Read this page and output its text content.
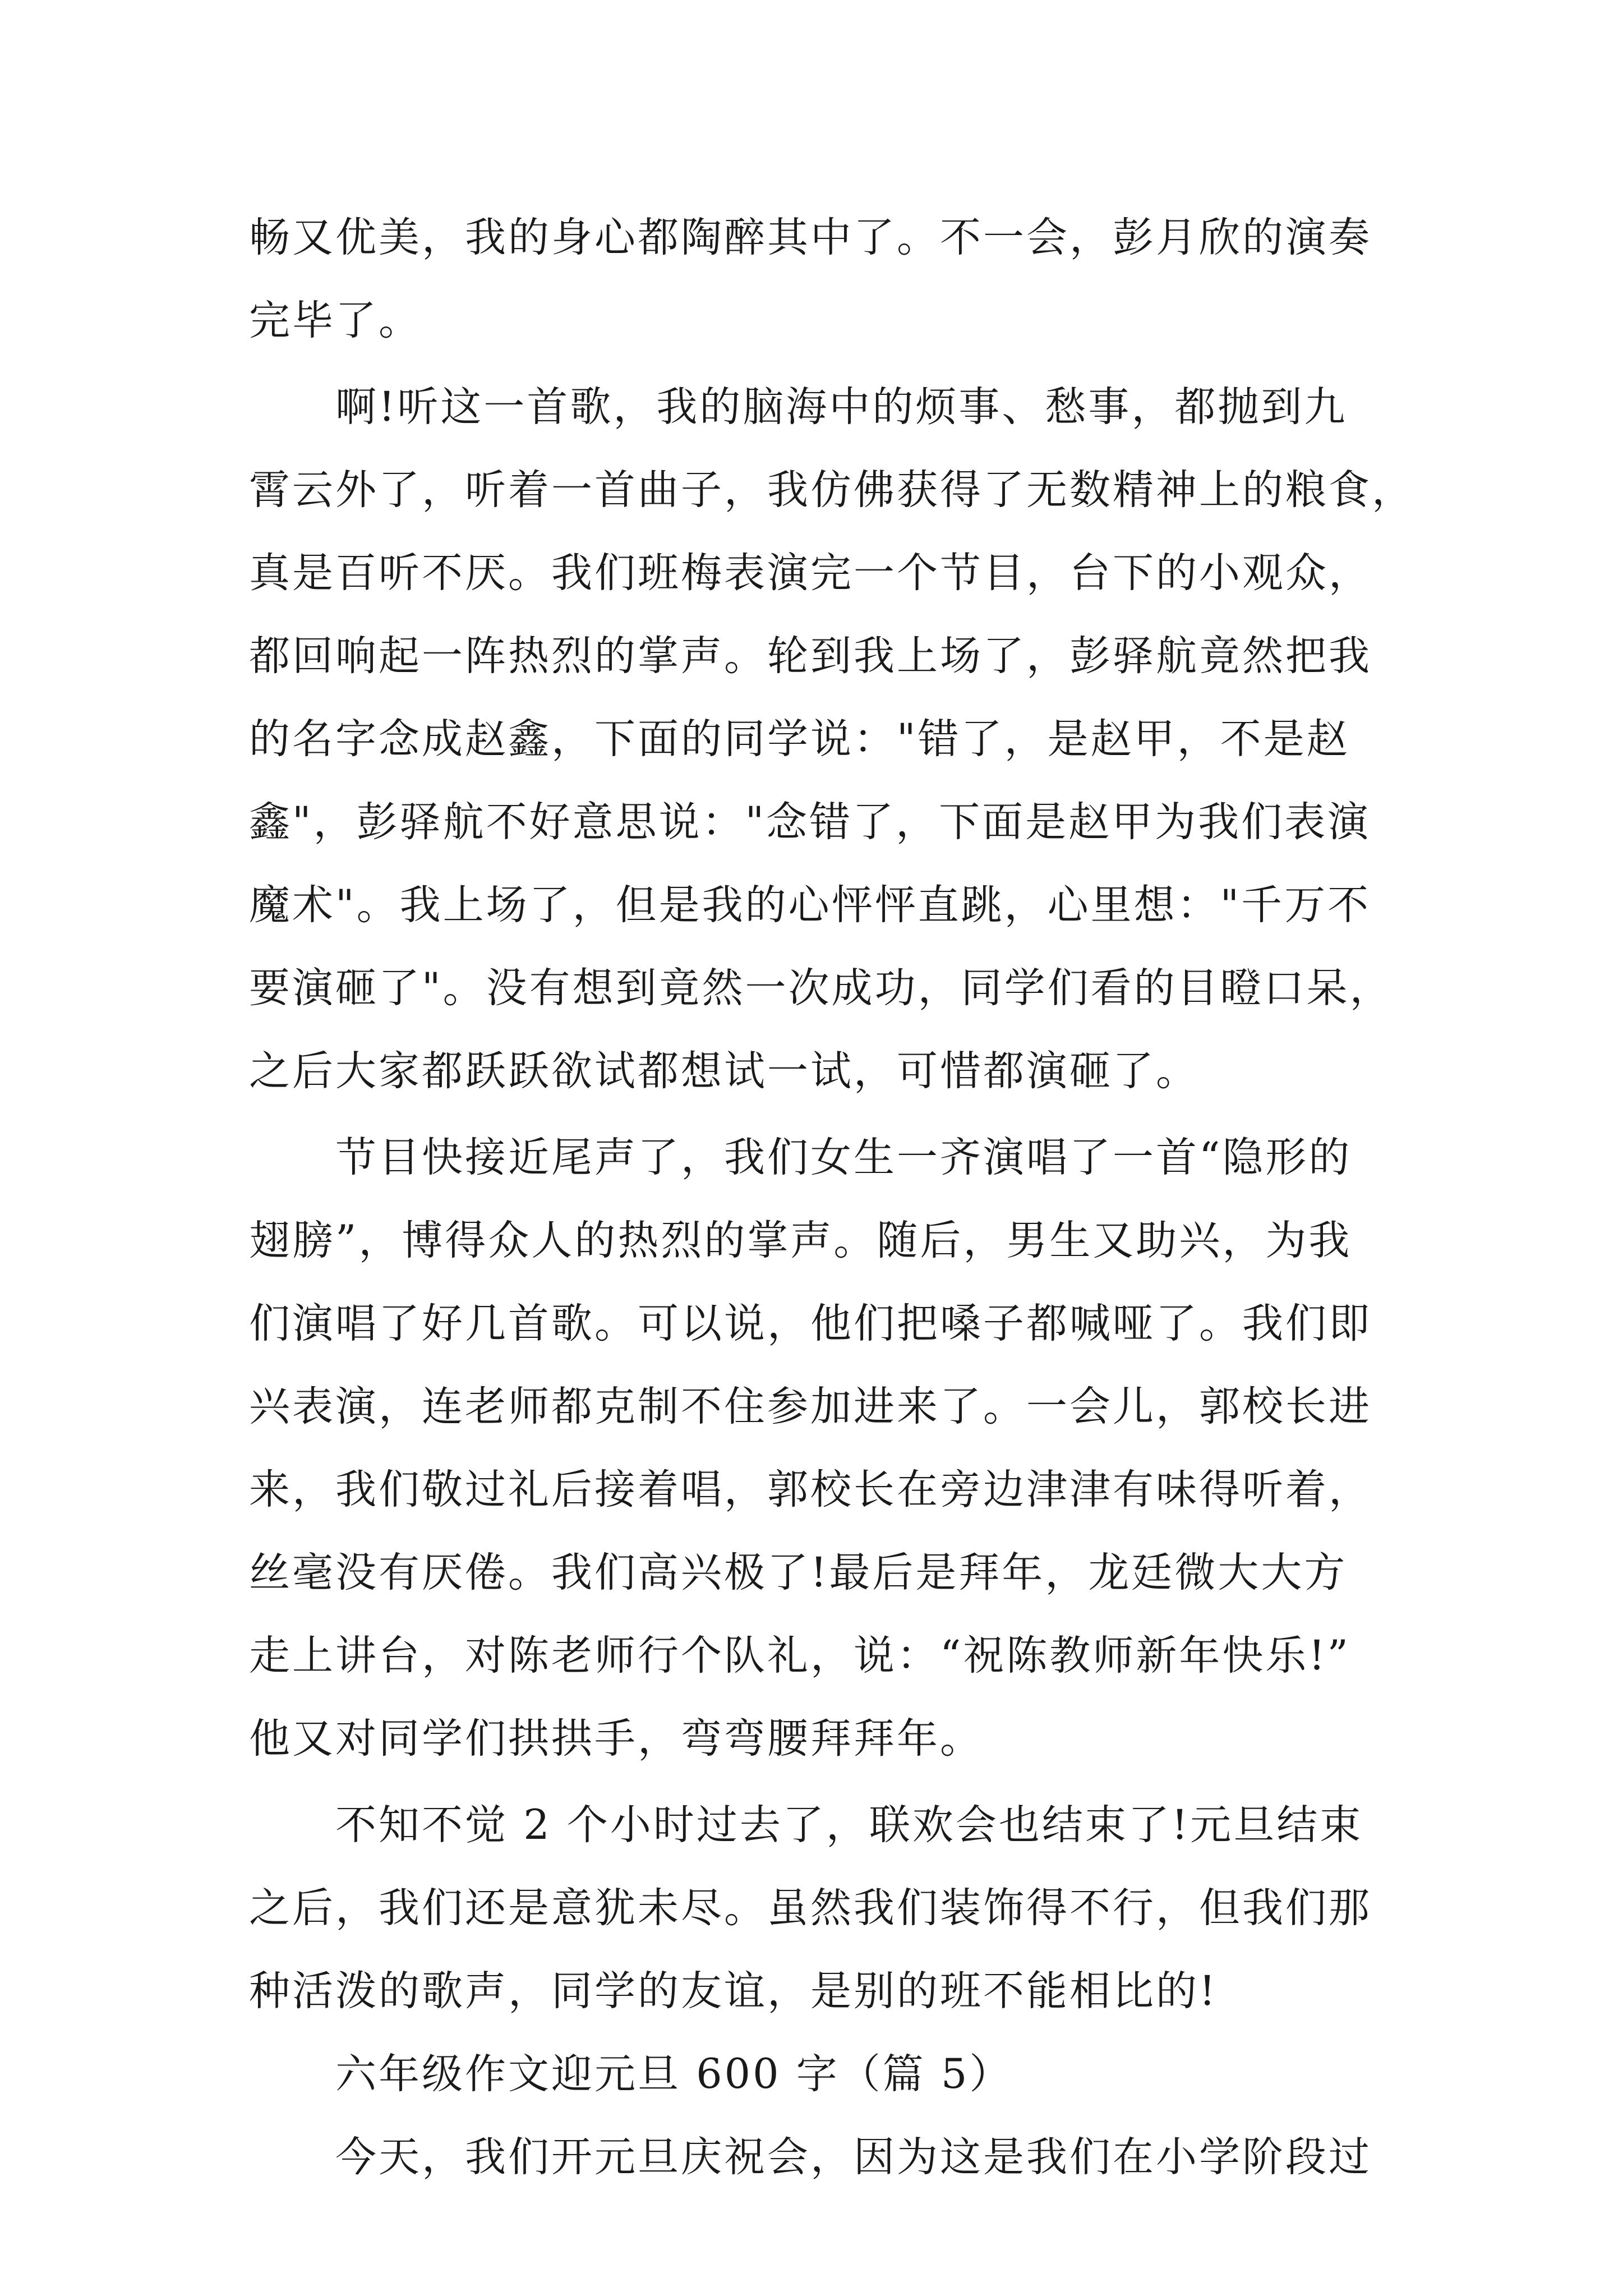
畅又优美，我的身心都陶醉其中了。不一会，彭月欣的演奏
完毕了。
　　啊!听这一首歌，我的脑海中的烦事、愁事，都抛到九
霄云外了，听着一首曲子，我仿佛获得了无数精神上的粮食，
真是百听不厌。我们班梅表演完一个节目，台下的小观众，
都回响起一阵热烈的掌声。轮到我上场了，彭驿航竟然把我
的名字念成赵鑫，下面的同学说："错了，是赵甲，不是赵
鑫"，彭驿航不好意思说："念错了，下面是赵甲为我们表演
魔术"。我上场了，但是我的心怦怦直跳，心里想："千万不
要演砸了"。没有想到竟然一次成功，同学们看的目瞪口呆，
之后大家都跃跃欲试都想试一试，可惜都演砸了。
　　节目快接近尾声了，我们女生一齐演唱了一首“隐形的
翅膀”，博得众人的热烈的掌声。随后，男生又助兴，为我
们演唱了好几首歌。可以说，他们把嗓子都喊哑了。我们即
兴表演，连老师都克制不住参加进来了。一会儿，郭校长进
来，我们敬过礼后接着唱，郭校长在旁边津津有味得听着，
丝毫没有厌倦。我们高兴极了!最后是拜年，龙廷微大大方
走上讲台，对陈老师行个队礼，说：“祝陈教师新年快乐!”
他又对同学们拱拱手，弯弯腰拜拜年。
　　不知不觉 2 个小时过去了，联欢会也结束了!元旦结束
之后，我们还是意犹未尽。虽然我们装饰得不行，但我们那
种活泼的歌声，同学的友谊，是别的班不能相比的!
　　六年级作文迎元旦 600 字（篇 5）
　　今天，我们开元旦庆祝会，因为这是我们在小学阶段过
